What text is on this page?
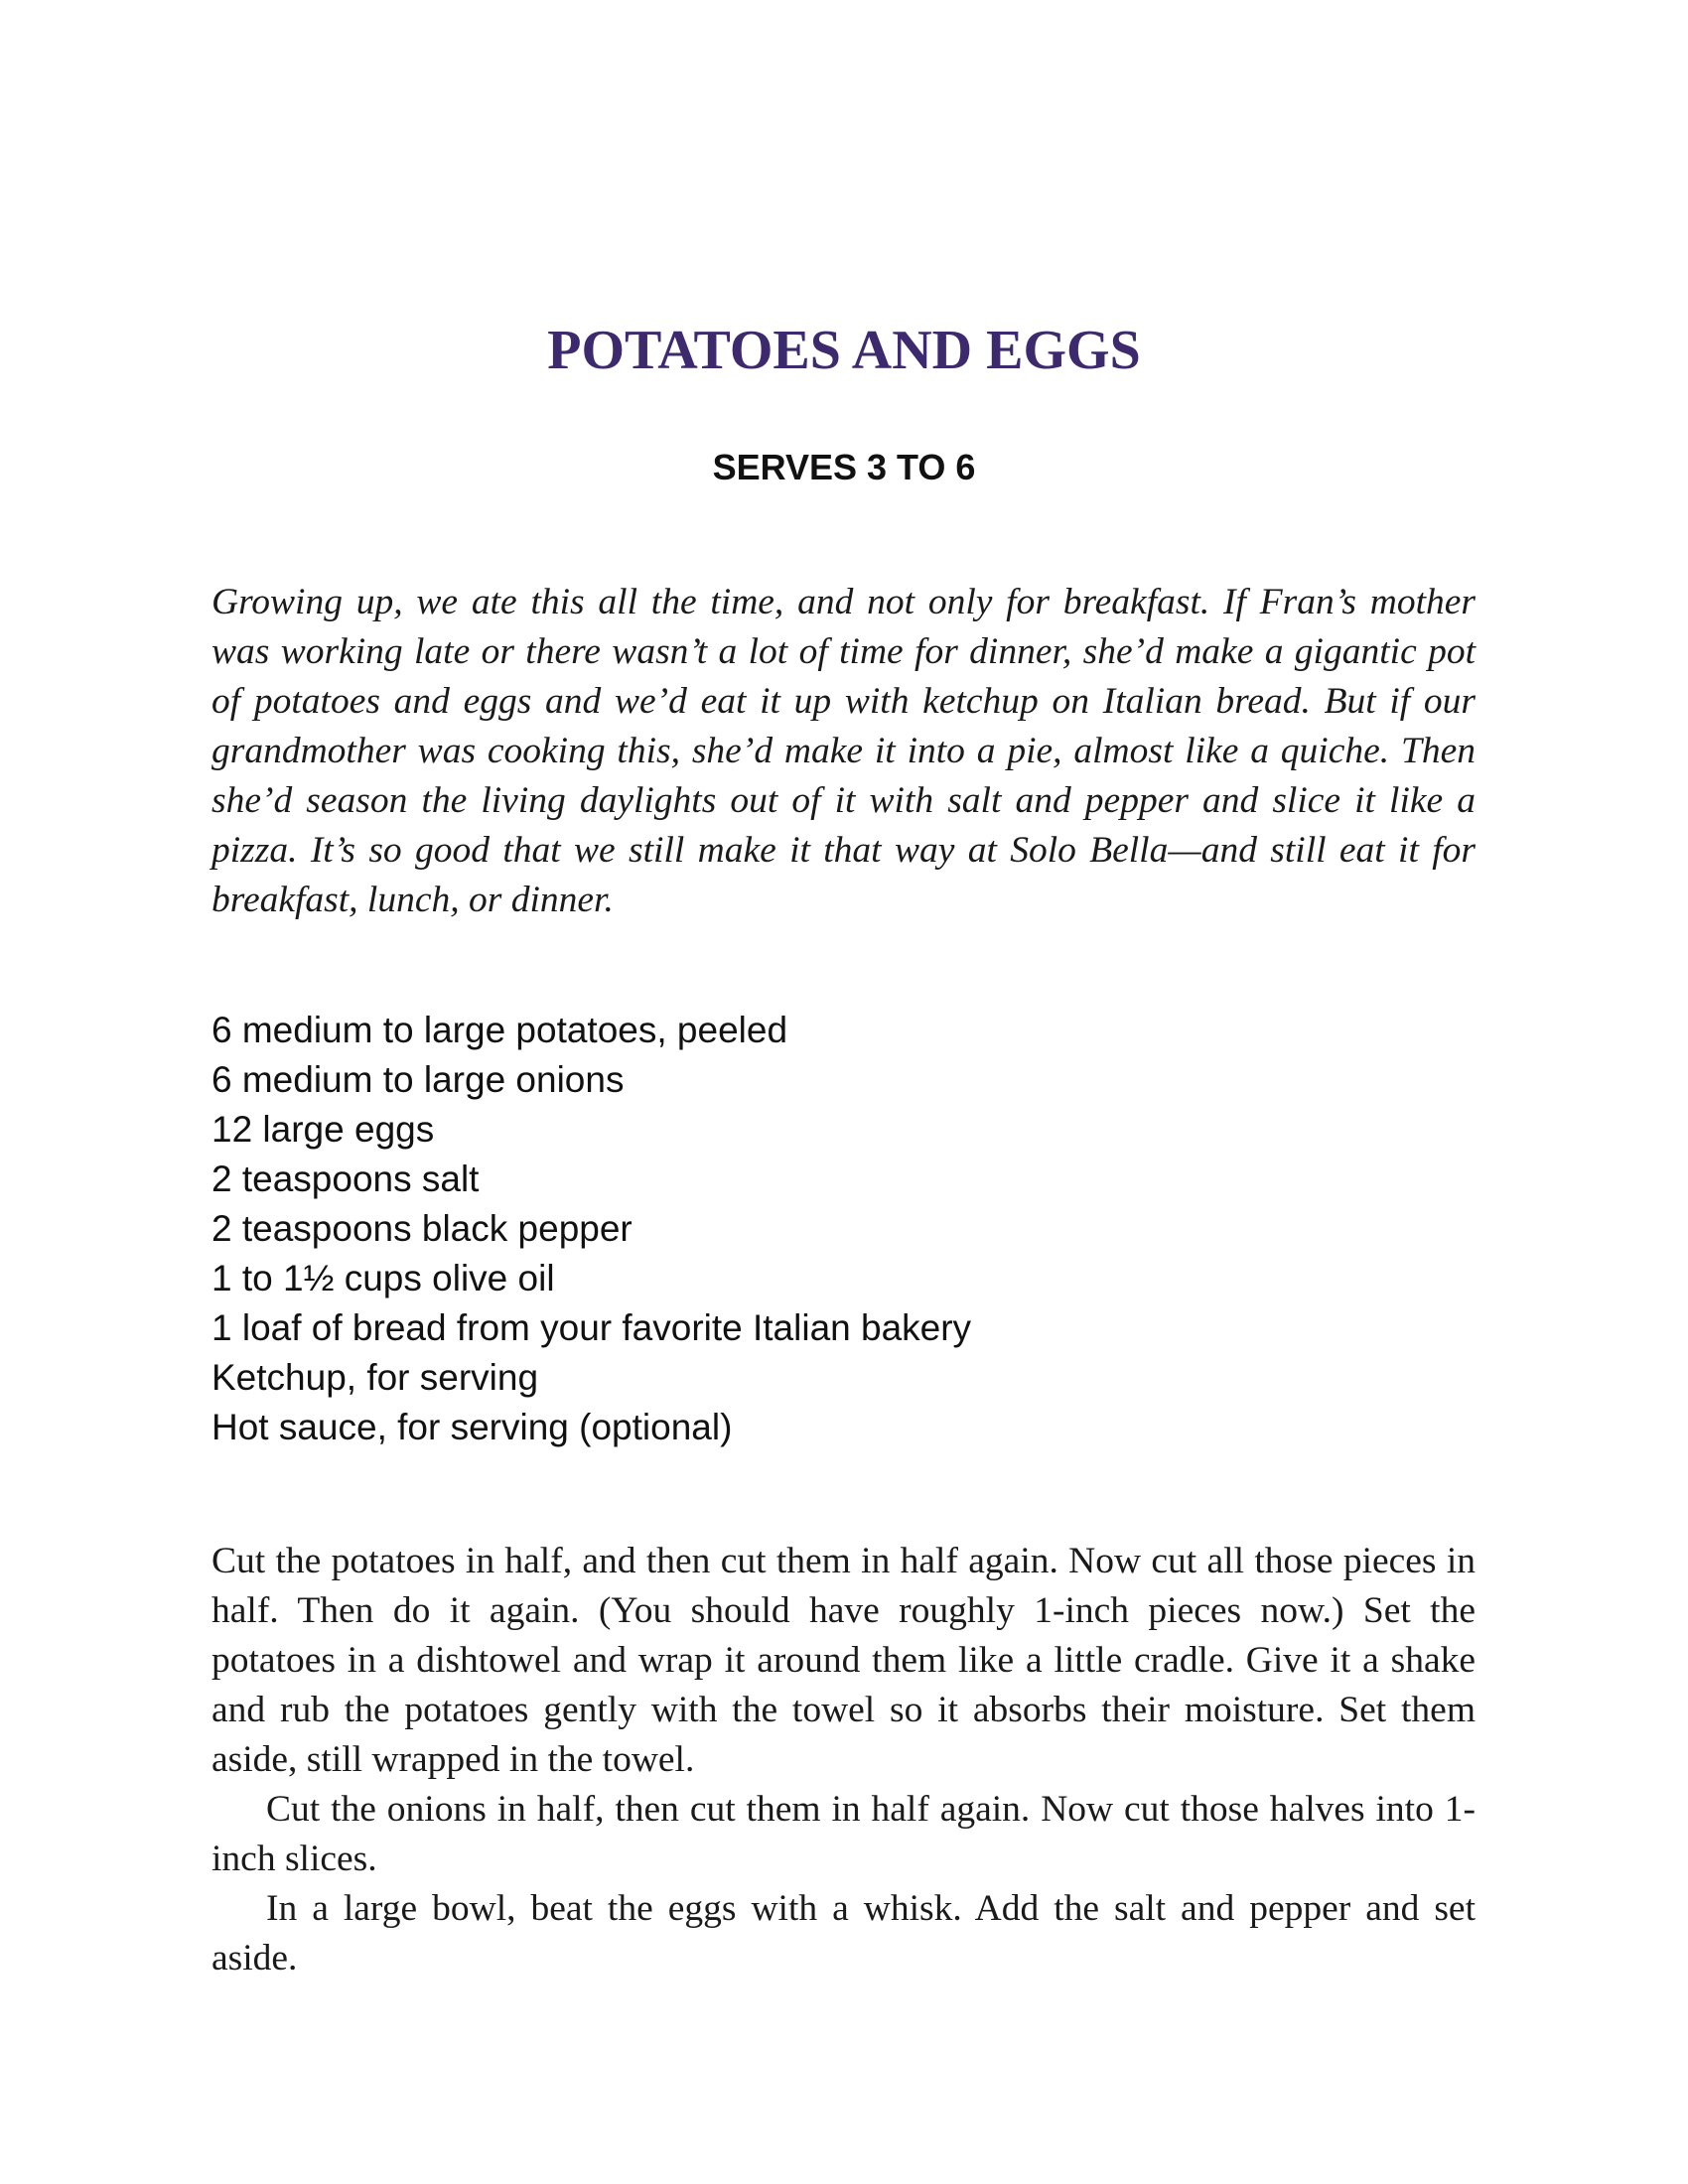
POTATOES AND EGGS
SERVES 3 TO 6

Growing up, we ate this all the time, and not only for breakfast. If Fran’s mother was working late or there wasn’t a lot of time for dinner, she’d make a gigantic pot of potatoes and eggs and we’d eat it up with ketchup on Italian bread. But if our grandmother was cooking this, she’d make it into a pie, almost like a quiche. Then she’d season the living daylights out of it with salt and pepper and slice it like a pizza. It’s so good that we still make it that way at Solo Bella—and still eat it for breakfast, lunch, or dinner.

6 medium to large potatoes, peeled
6 medium to large onions
12 large eggs
2 teaspoons salt
2 teaspoons black pepper
1 to 1½ cups olive oil
1 loaf of bread from your favorite Italian bakery
Ketchup, for serving
Hot sauce, for serving (optional)

Cut the potatoes in half, and then cut them in half again. Now cut all those pieces in half. Then do it again. (You should have roughly 1-inch pieces now.) Set the potatoes in a dishtowel and wrap it around them like a little cradle. Give it a shake and rub the potatoes gently with the towel so it absorbs their moisture. Set them aside, still wrapped in the towel.

Cut the onions in half, then cut them in half again. Now cut those halves into 1-inch slices.

In a large bowl, beat the eggs with a whisk. Add the salt and pepper and set aside.
